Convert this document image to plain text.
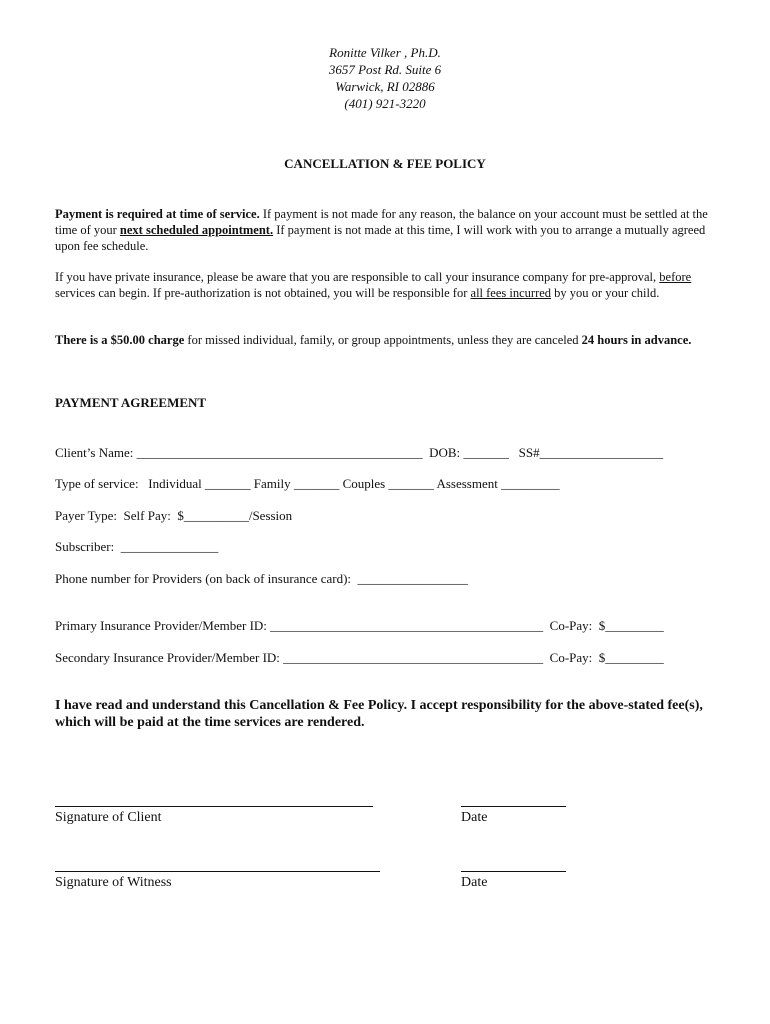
Ronitte Vilker , Ph.D.
3657 Post Rd. Suite 6
Warwick, RI 02886
(401) 921-3220
CANCELLATION & FEE POLICY

Payment is required at time of service. If payment is not made for any reason, the balance on your account must be settled at the time of your next scheduled appointment. If payment is not made at this time, I will work with you to arrange a mutually agreed upon fee schedule.

If you have private insurance, please be aware that you are responsible to call your insurance company for pre-approval, before services can begin. If pre-authorization is not obtained, you will be responsible for all fees incurred by you or your child.

There is a $50.00 charge for missed individual, family, or group appointments, unless they are canceled 24 hours in advance.

PAYMENT AGREEMENT
Client’s Name: ____________________________________________  DOB: _______   SS#___________________
Type of service:   Individual _______ Family _______ Couples _______ Assessment _________
Payer Type:  Self Pay:  $__________/Session
Subscriber:  _______________
Phone number for Providers (on back of insurance card):  _________________
Primary Insurance Provider/Member ID: __________________________________________  Co-Pay:  $_________
Secondary Insurance Provider/Member ID: ________________________________________  Co-Pay:  $_________

I have read and understand this Cancellation & Fee Policy. I accept responsibility for the above-stated fee(s), which will be paid at the time services are rendered.

Signature of Client	Date
Signature of Witness	Date
